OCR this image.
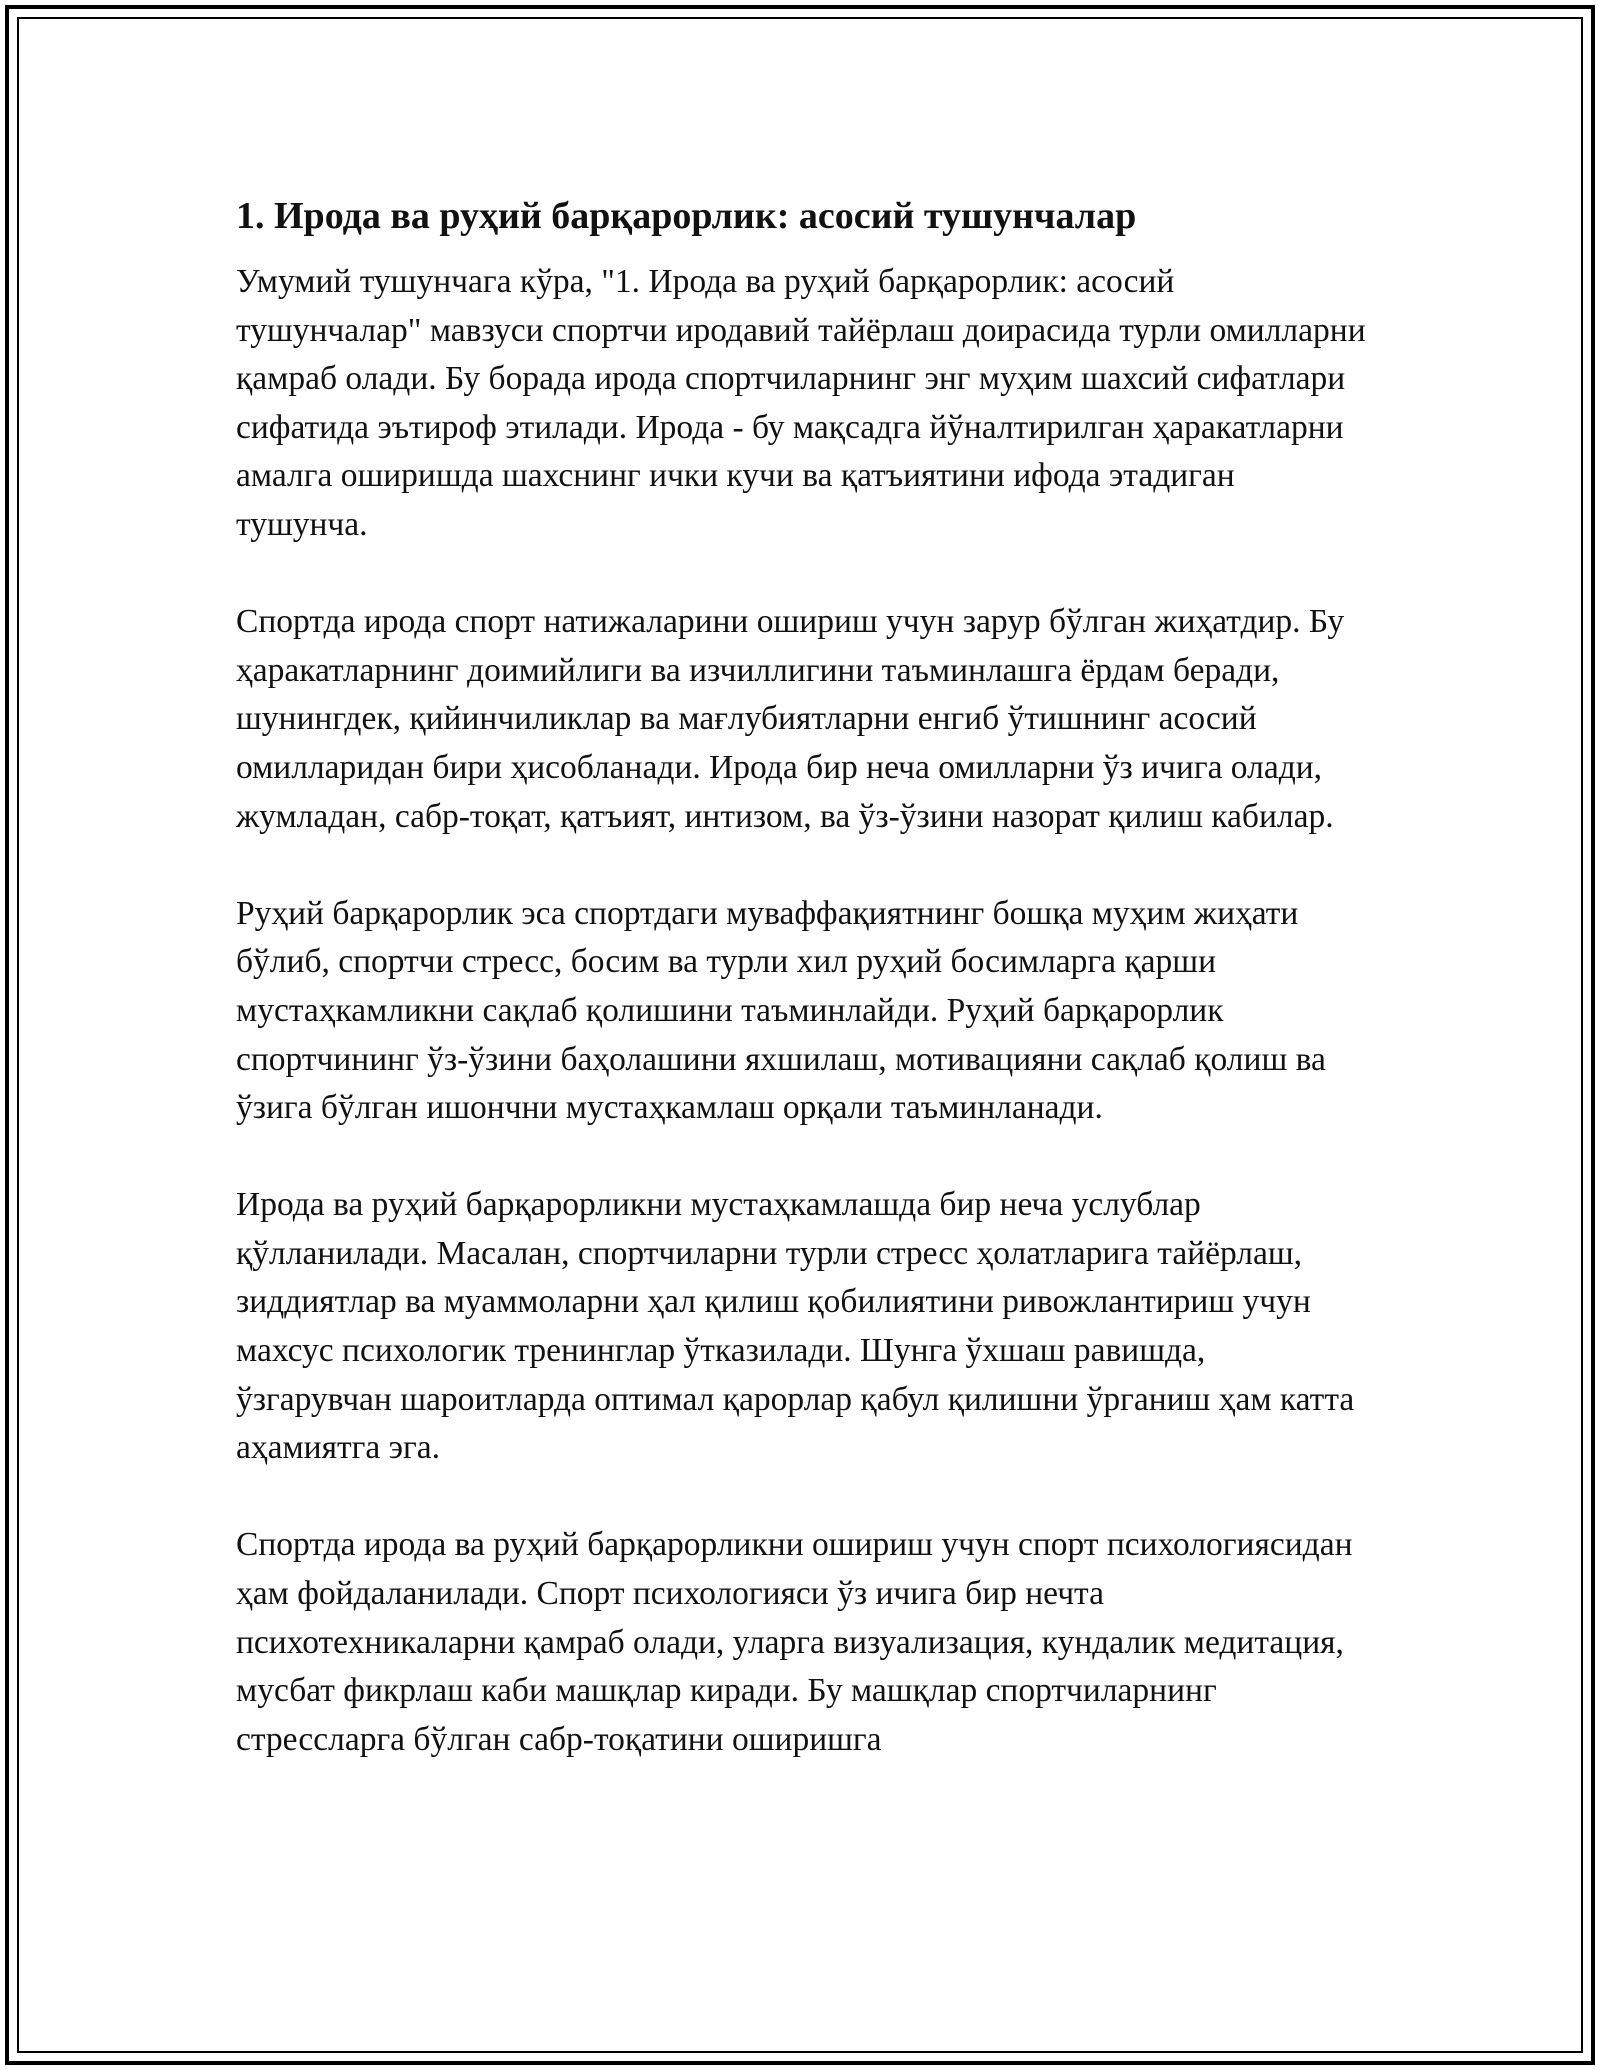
1. Ирода ва руҳий барқарорлик: асосий тушунчалар

Умумий тушунчага кўра, "1. Ирода ва руҳий барқарорлик: асосий тушунчалар" мавзуси спортчи иродавий тайёрлаш доирасида турли омилларни қамраб олади. Бу борада ирода спортчиларнинг энг муҳим шахсий сифатлари сифатида эътироф этилади. Ирода - бу мақсадга йўналтирилган ҳаракатларни амалга оширишда шахснинг ички кучи ва қатъиятини ифода этадиган тушунча.

Спортда ирода спорт натижаларини ошириш учун зарур бўлган жиҳатдир. Бу ҳаракатларнинг доимийлиги ва изчиллигини таъминлашга ёрдам беради, шунингдек, қийинчиликлар ва мағлубиятларни енгиб ўтишнинг асосий омилларидан бири ҳисобланади. Ирода бир неча омилларни ўз ичига олади, жумладан, сабр-тоқат, қатъият, интизом, ва ўз-ўзини назорат қилиш кабилар.

Руҳий барқарорлик эса спортдаги муваффақиятнинг бошқа муҳим жиҳати бўлиб, спортчи стресс, босим ва турли хил руҳий босимларга қарши мустаҳкамликни сақлаб қолишини таъминлайди. Руҳий барқарорлик спортчининг ўз-ўзини баҳолашини яхшилаш, мотивацияни сақлаб қолиш ва ўзига бўлган ишончни мустаҳкамлаш орқали таъминланади.

Ирода ва руҳий барқарорликни мустаҳкамлашда бир неча услублар қўлланилади. Масалан, спортчиларни турли стресс ҳолатларига тайёрлаш, зиддиятлар ва муаммоларни ҳал қилиш қобилиятини ривожлантириш учун махсус психологик тренинглар ўтказилади. Шунга ўхшаш равишда, ўзгарувчан шароитларда оптимал қарорлар қабул қилишни ўрганиш ҳам катта аҳамиятга эга.

Спортда ирода ва руҳий барқарорликни ошириш учун спорт психологиясидан ҳам фойдаланилади. Спорт психологияси ўз ичига бир нечта психотехникаларни қамраб олади, уларга визуализация, кундалик медитация, мусбат фикрлаш каби машқлар киради. Бу машқлар спортчиларнинг стрессларга бўлган сабр-тоқатини оширишга
